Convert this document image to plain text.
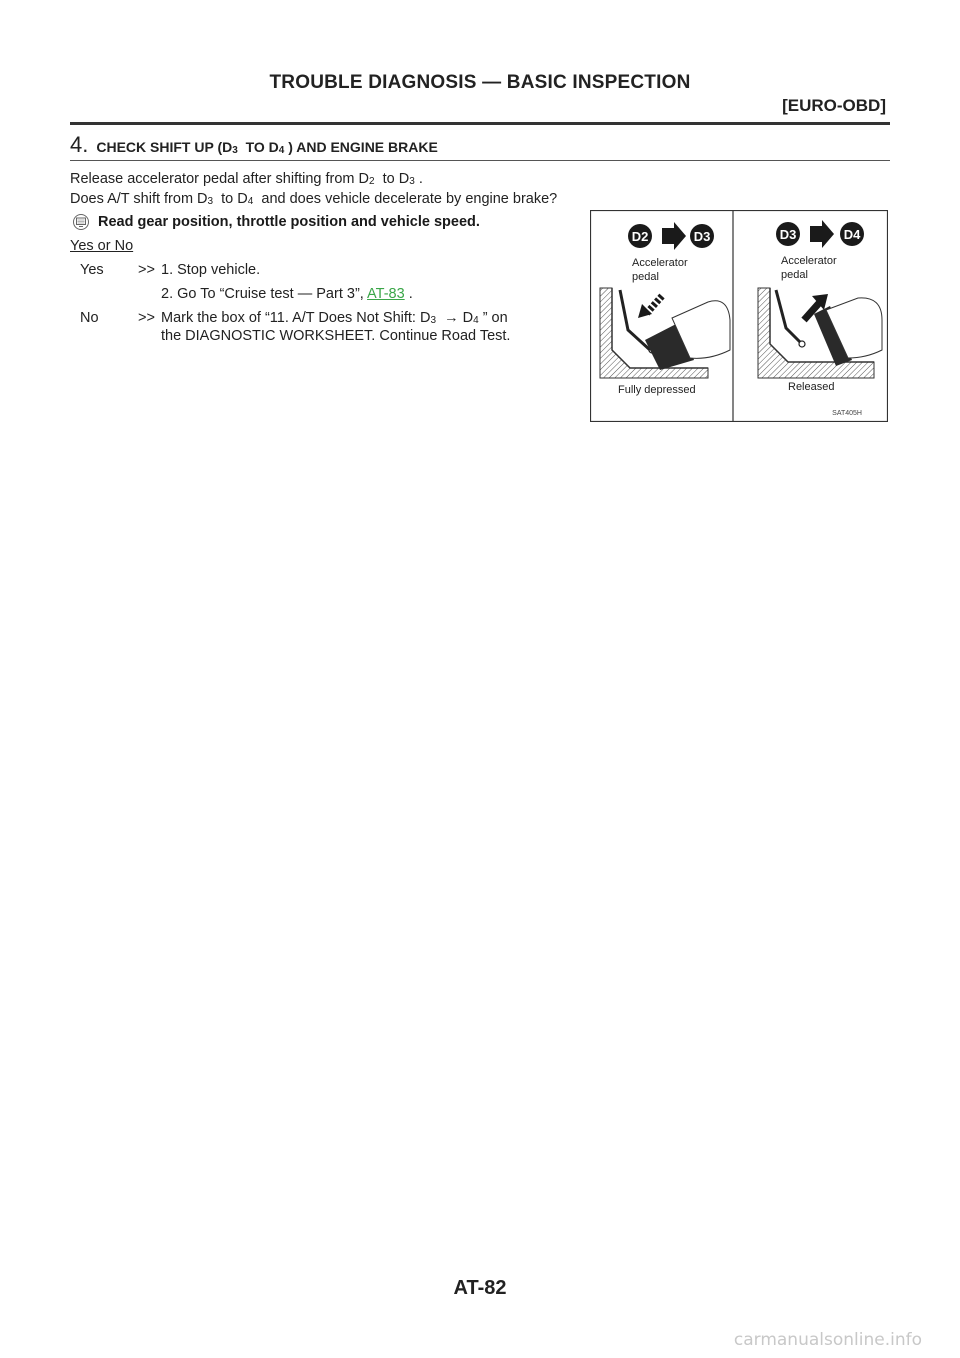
TROUBLE DIAGNOSIS — BASIC INSPECTION
[EURO-OBD]
4. CHECK SHIFT UP ($D_3$ TO $D_4$ ) AND ENGINE BRAKE
Release accelerator pedal after shifting from $D_2$ to $D_3$ .
Does A/T shift from $D_3$ to $D_4$ and does vehicle decelerate by engine brake?
Read gear position, throttle position and vehicle speed.
Yes or No
Yes >> 1. Stop vehicle.
2. Go To “Cruise test — Part 3”, AT-83 .
No	>> Mark the box of “11. A/T Does Not Shift: $D_3 \to D_4$ ” on
the DIAGNOSTIC WORKSHEET. Continue Road Test.
D2	D3	D3	D4
Accelerator
pedal
Accelerator
pedal
Fully depressed	Released
SAT405H
AT-82
carmanualsonline.info
